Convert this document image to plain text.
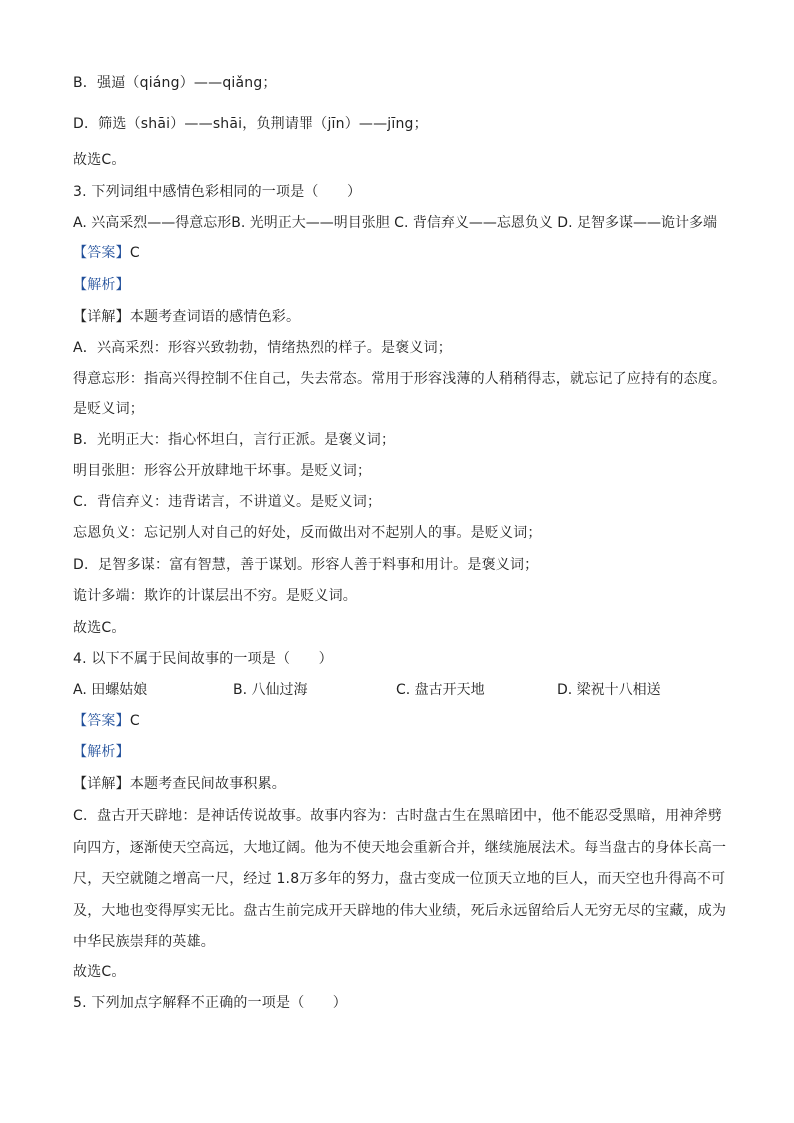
B．强逼（qiáng）——qiǎng；
D．筛选（shāi）——shāi，负荆请罪（jīn）——jīng；
故选C。
3. 下列词组中感情色彩相同的一项是（　　）
A. 兴高采烈——得意忘形B. 光明正大——明目张胆 C. 背信弃义——忘恩负义 D. 足智多谋——诡计多端
【答案】C
【解析】
【详解】本题考查词语的感情色彩。
A．兴高采烈：形容兴致勃勃，情绪热烈的样子。是褒义词；
得意忘形：指高兴得控制不住自己，失去常态。常用于形容浅薄的人稍稍得志，就忘记了应持有的态度。
是贬义词；
B．光明正大：指心怀坦白，言行正派。是褒义词；
明目张胆：形容公开放肆地干坏事。是贬义词；
C．背信弃义：违背诺言，不讲道义。是贬义词；
忘恩负义：忘记别人对自己的好处，反而做出对不起别人的事。是贬义词；
D．足智多谋：富有智慧，善于谋划。形容人善于料事和用计。是褒义词；
诡计多端：欺诈的计谋层出不穷。是贬义词。
故选C。
4. 以下不属于民间故事的一项是（　　）
A. 田螺姑娘	B. 八仙过海	C. 盘古开天地	D. 梁祝十八相送
【答案】C
【解析】
【详解】本题考查民间故事积累。
C．盘古开天辟地：是神话传说故事。故事内容为：古时盘古生在黑暗团中，他不能忍受黑暗，用神斧劈
向四方，逐渐使天空高远，大地辽阔。他为不使天地会重新合并，继续施展法术。每当盘古的身体长高一
尺，天空就随之增高一尺，经过 1.8万多年的努力，盘古变成一位顶天立地的巨人，而天空也升得高不可
及，大地也变得厚实无比。盘古生前完成开天辟地的伟大业绩，死后永远留给后人无穷无尽的宝藏，成为
中华民族崇拜的英雄。
故选C。
5. 下列加点字解释不正确的一项是（　　）
